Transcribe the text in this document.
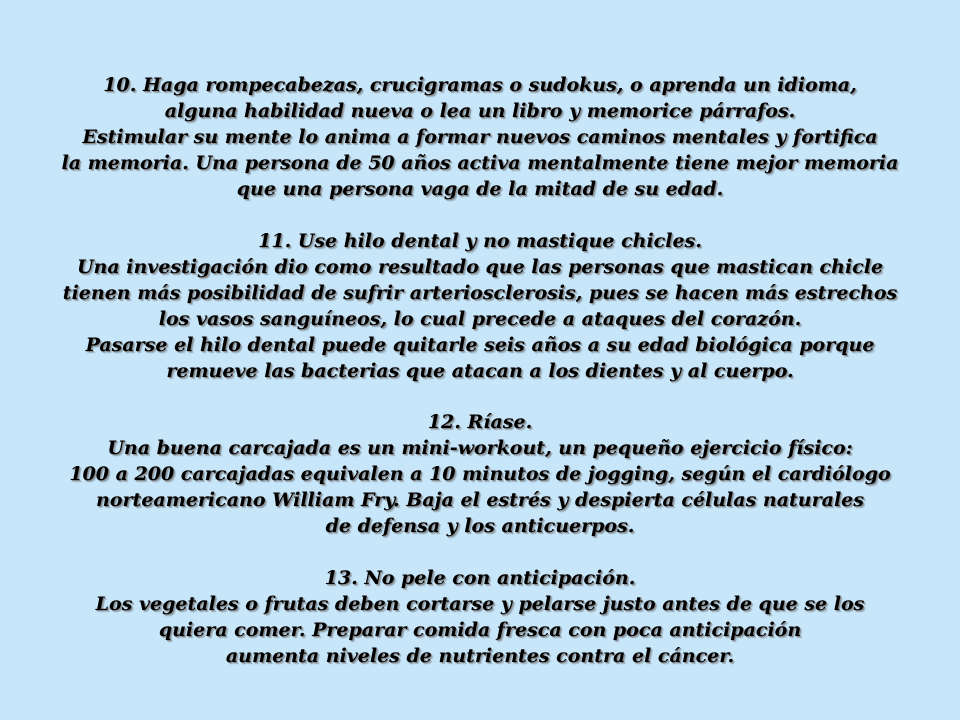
10. Haga rompecabezas, crucigramas o sudokus, o aprenda un idioma,
alguna habilidad nueva o lea un libro y memorice párrafos.
Estimular su mente lo anima a formar nuevos caminos mentales y fortifica
la memoria. Una persona de 50 años activa mentalmente tiene mejor memoria
que una persona vaga de la mitad de su edad.
11. Use hilo dental y no mastique chicles.
Una investigación dio como resultado que las personas que mastican chicle
tienen más posibilidad de sufrir arteriosclerosis, pues se hacen más estrechos
los vasos sanguíneos, lo cual precede a ataques del corazón.
Pasarse el hilo dental puede quitarle seis años a su edad biológica porque
remueve las bacterias que atacan a los dientes y al cuerpo.
12. Ríase.
Una buena carcajada es un mini-workout, un pequeño ejercicio físico:
100 a 200 carcajadas equivalen a 10 minutos de jogging, según el cardiólogo
norteamericano William Fry. Baja el estrés y despierta células naturales
de defensa y los anticuerpos.
13. No pele con anticipación.
Los vegetales o frutas deben cortarse y pelarse justo antes de que se los
quiera comer. Preparar comida fresca con poca anticipación
aumenta niveles de nutrientes contra el cáncer.
